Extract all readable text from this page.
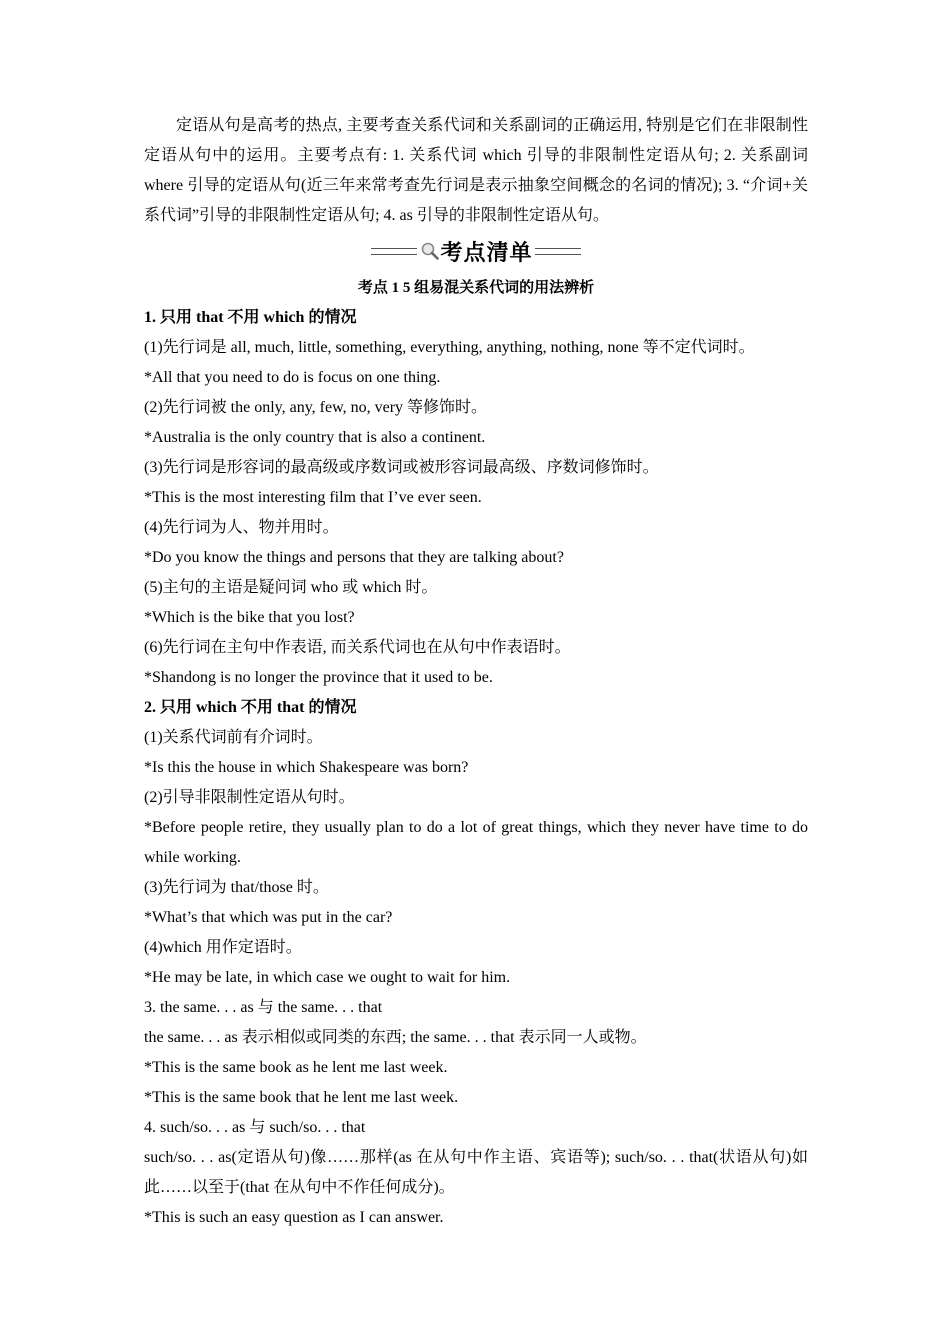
定语从句是高考的热点, 主要考查关系代词和关系副词的正确运用, 特别是它们在非限制性定语从句中的运用。主要考点有: 1. 关系代词 which 引导的非限制性定语从句; 2. 关系副词 where 引导的定语从句(近三年来常考查先行词是表示抽象空间概念的名词的情况); 3. “介词+关系代词”引导的非限制性定语从句; 4. as 引导的非限制性定语从句。

考点清单

考点 1 5 组易混关系代词的用法辨析

1. 只用 that 不用 which 的情况

(1)先行词是 all, much, little, something, everything, anything, nothing, none 等不定代词时。

*All that you need to do is focus on one thing.

(2)先行词被 the only, any, few, no, very 等修饰时。

*Australia is the only country that is also a continent.

(3)先行词是形容词的最高级或序数词或被形容词最高级、序数词修饰时。

*This is the most interesting film that I’ve ever seen.

(4)先行词为人、物并用时。

*Do you know the things and persons that they are talking about?

(5)主句的主语是疑问词 who 或 which 时。

*Which is the bike that you lost?

(6)先行词在主句中作表语, 而关系代词也在从句中作表语时。

*Shandong is no longer the province that it used to be.

2. 只用 which 不用 that 的情况

(1)关系代词前有介词时。

*Is this the house in which Shakespeare was born?

(2)引导非限制性定语从句时。

*Before people retire, they usually plan to do a lot of great things, which they never have time to do while working.

(3)先行词为 that/those 时。

*What’s that which was put in the car?

(4)which 用作定语时。

*He may be late, in which case we ought to wait for him.

3. the same. . . as 与 the same. . . that

the same. . . as 表示相似或同类的东西; the same. . . that 表示同一人或物。

*This is the same book as he lent me last week.

*This is the same book that he lent me last week.

4. such/so. . . as 与 such/so. . . that

such/so. . . as(定语从句)像……那样(as 在从句中作主语、宾语等); such/so. . . that(状语从句)如此……以至于(that 在从句中不作任何成分)。

*This is such an easy question as I can answer.
